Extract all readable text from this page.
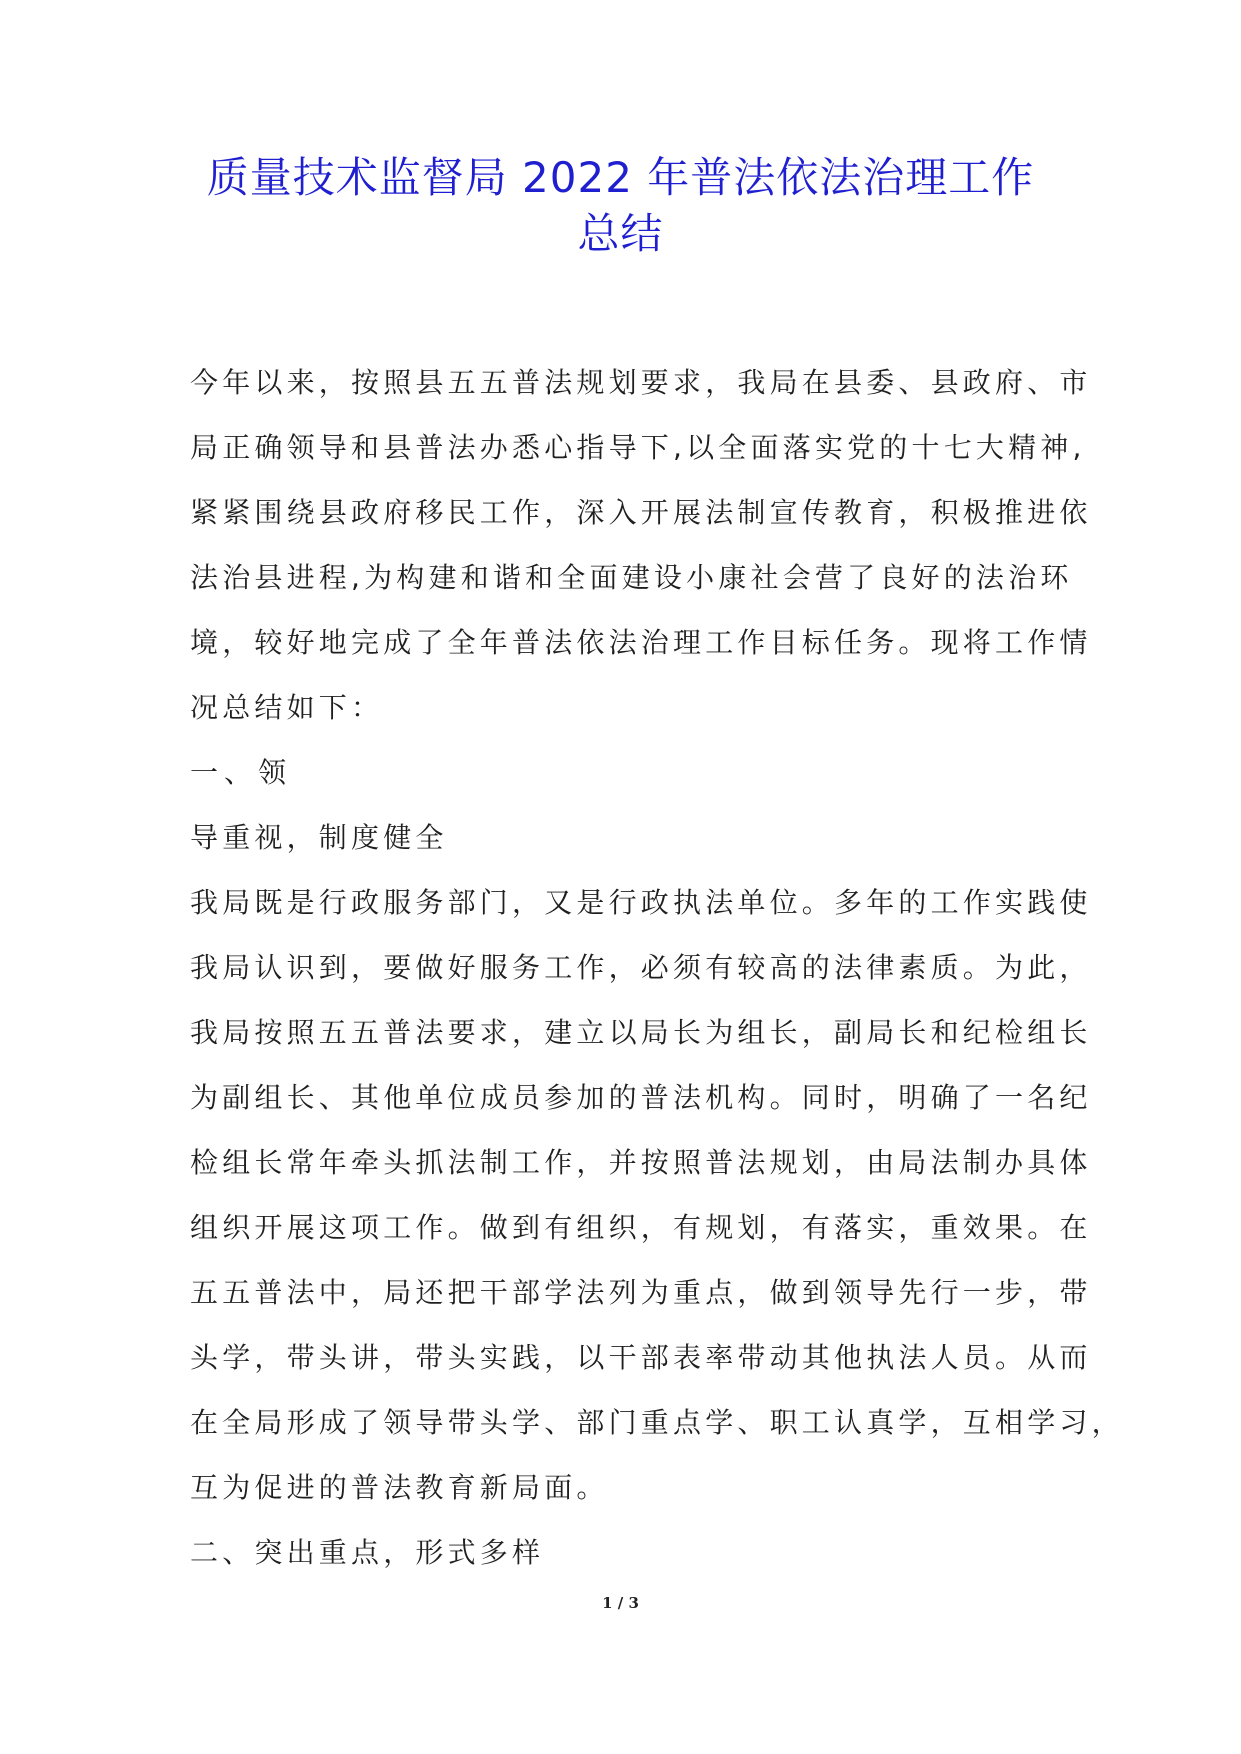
质量技术监督局 2022 年普法依法治理工作
总结
今年以来，按照县五五普法规划要求，我局在县委、县政府、市
局正确领导和县普法办悉心指导下,以全面落实党的十七大精神,
紧紧围绕县政府移民工作，深入开展法制宣传教育，积极推进依
法治县进程,为构建和谐和全面建设小康社会营了良好的法治环
境，较好地完成了全年普法依法治理工作目标任务。现将工作情
况总结如下：
一、领
导重视，制度健全
我局既是行政服务部门，又是行政执法单位。多年的工作实践使
我局认识到，要做好服务工作，必须有较高的法律素质。为此，
我局按照五五普法要求，建立以局长为组长，副局长和纪检组长
为副组长、其他单位成员参加的普法机构。同时，明确了一名纪
检组长常年牵头抓法制工作，并按照普法规划，由局法制办具体
组织开展这项工作。做到有组织，有规划，有落实，重效果。在
五五普法中，局还把干部学法列为重点，做到领导先行一步，带
头学，带头讲，带头实践，以干部表率带动其他执法人员。从而
在全局形成了领导带头学、部门重点学、职工认真学，互相学习，
互为促进的普法教育新局面。
二、突出重点，形式多样
1 / 3
